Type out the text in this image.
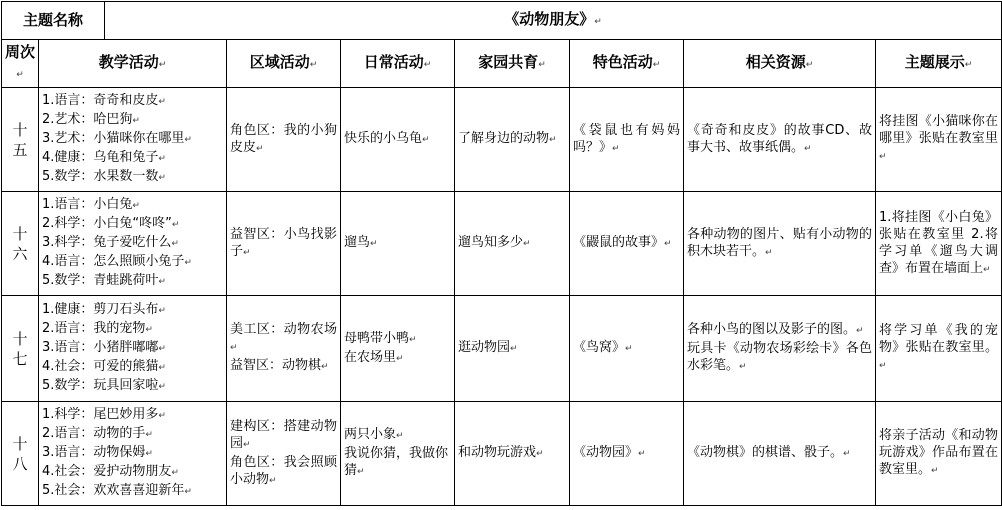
主题名称		《动物朋友》↵						
周次↵	教学活动↵		区域活动↵	日常活动↵	家园共育↵	特色活动↵	相关资源↵	主题展示↵

十
五	1.语言：奇奇和皮皮↵
2.艺术：哈巴狗↵
3.艺术：小猫咪你在哪里↵
4.健康：乌龟和兔子↵
5.数学：水果数一数↵		角色区：我的小狗皮皮↵	快乐的小乌龟↵	了解身边的动物↵	《袋鼠也有妈妈吗？》↵	《奇奇和皮皮》的故事CD、故事大书、故事纸偶。↵	将挂图《小猫咪你在哪里》张贴在教室里↵

十
六	1.语言：小白兔↵
2.科学：小白兔“咚咚”↵
3.科学：兔子爱吃什么↵
4.语言：怎么照顾小兔子↵
5.数学：青蛙跳荷叶↵		益智区：小鸟找影子↵	遛鸟↵	遛鸟知多少↵	《鼹鼠的故事》↵	各种动物的图片、贴有小动物的积木块若干。↵	1.将挂图《小白兔》张贴在教室里 2.将学习单《遛鸟大调查》布置在墙面上↵

十
七	1.健康：剪刀石头布↵
2.语言：我的宠物↵
3.语言：小猪胖嘟嘟↵
4.社会：可爱的熊猫↵
5.数学：玩具回家啦↵		美工区：动物农场↵
益智区：动物棋↵	母鸭带小鸭↵
在农场里↵	逛动物园↵	《鸟窝》↵	各种小鸟的图以及影子的图。↵
玩具卡《动物农场彩绘卡》各色水彩笔。↵	将学习单《我的宠物》张贴在教室里。↵

十
八	1.科学：尾巴妙用多↵
2.语言：动物的手↵
3.语言：动物保姆↵
4.社会：爱护动物朋友↵
5.社会：欢欢喜喜迎新年↵		建构区：搭建动物园↵
角色区：我会照顾小动物↵	两只小象↵
我说你猜，我做你猜↵	和动物玩游戏↵	《动物园》↵	《动物棋》的棋谱、骰子。↵	将亲子活动《和动物玩游戏》作品布置在教室里。↵
